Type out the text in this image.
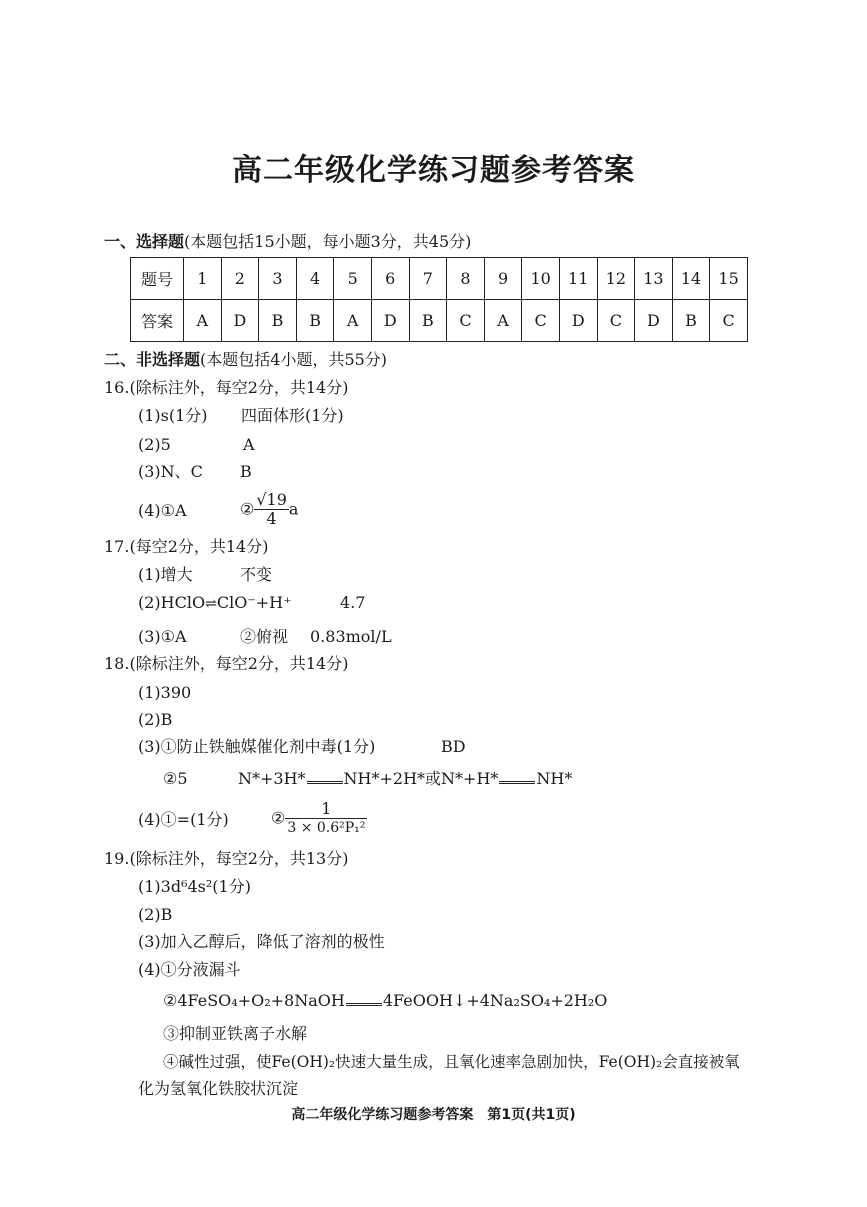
高二年级化学练习题参考答案
一、选择题(本题包括15小题，每小题3分，共45分)
题号	1	2	3	4	5	6	7	8	9	10	11	12	13	14	15
答案	A	D	B	B	A	D	B	C	A	C	D	C	D	B	C
二、非选择题(本题包括4小题，共55分)
16.(除标注外，每空2分，共14分)
(1)s(1分) 四面体形(1分)
(2)5	A
(3)N、C B
(4)①A	② $\frac{√19}{4}$ a
17.(每空2分，共14分)
(1)增大	不变
(2)HClO⇌ClO⁻+H⁺	4.7
(3)①A	②俯视 0.83mol/L
18.(除标注外，每空2分，共14分)
(1)390
(2)B
(3)①防止铁触媒催化剂中毒(1分)	BD
②5	N*+3H* NH*+2H*或N*+H* NH*
(4)①=(1分)	② $\frac{1}{\text{3 × 0.6²P₁²}}$
19.(除标注外，每空2分，共13分)
(1)3d⁶4s²(1分)
(2)B
(3)加入乙醇后，降低了溶剂的极性
(4)①分液漏斗
②4FeSO₄+O₂+8NaOH 4FeOOH↓+4Na₂SO₄+2H₂O
③抑制亚铁离子水解
④碱性过强，使Fe(OH)₂快速大量生成，且氧化速率急剧加快，Fe(OH)₂会直接被氧
化为氢氧化铁胶状沉淀
高二年级化学练习题参考答案　第1页(共1页)
